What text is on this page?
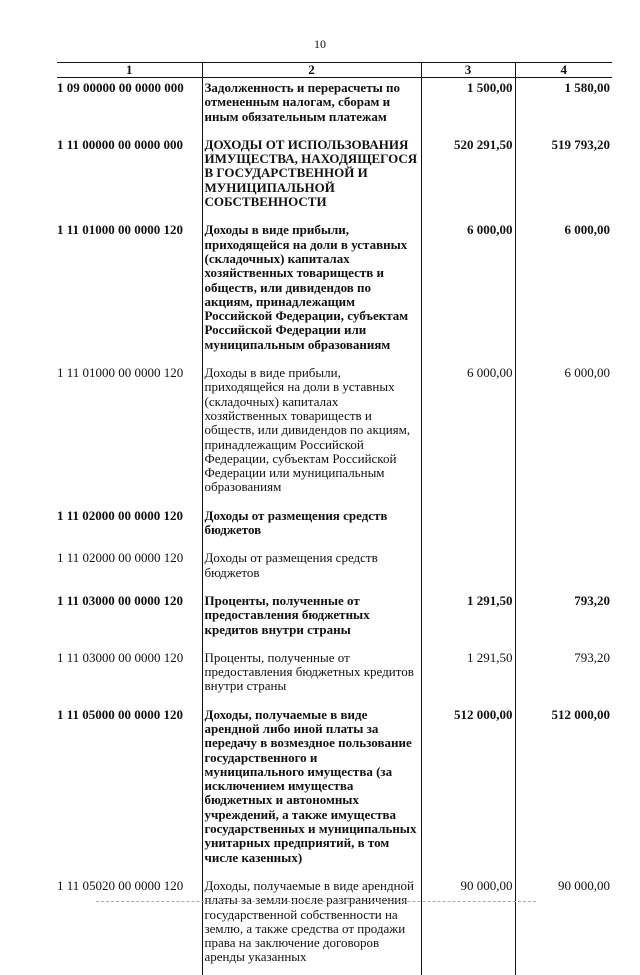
10
1	2	3	4
1 09 00000 00 0000 000	Задолженность и перерасчеты по отмененным налогам, сборам и иным обязательным платежам	1 500,00	1 580,00
1 11 00000 00 0000 000	ДОХОДЫ ОТ ИСПОЛЬЗОВАНИЯ ИМУЩЕСТВА, НАХОДЯЩЕГОСЯ В ГОСУДАРСТВЕННОЙ И МУНИЦИПАЛЬНОЙ СОБСТВЕННОСТИ	520 291,50	519 793,20
1 11 01000 00 0000 120	Доходы в виде прибыли, приходящейся на доли в уставных (складочных) капиталах хозяйственных товариществ и обществ, или дивидендов по акциям, принадлежащим Российской Федерации, субъектам Российской Федерации или муниципальным образованиям	6 000,00	6 000,00
1 11 01000 00 0000 120	Доходы в виде прибыли, приходящейся на доли в уставных (складочных) капиталах хозяйственных товариществ и обществ, или дивидендов по акциям, принадлежащим Российской Федерации, субъектам Российской Федерации или муниципальным образованиям	6 000,00	6 000,00
1 11 02000 00 0000 120	Доходы от размещения средств бюджетов		
1 11 02000 00 0000 120	Доходы от размещения средств бюджетов		
1 11 03000 00 0000 120	Проценты, полученные от предоставления бюджетных кредитов внутри страны	1 291,50	793,20
1 11 03000 00 0000 120	Проценты, полученные от предоставления бюджетных кредитов внутри страны	1 291,50	793,20
1 11 05000 00 0000 120	Доходы, получаемые в виде арендной либо иной платы за передачу в возмездное пользование государственного и муниципального имущества (за исключением имущества бюджетных и автономных учреждений, а также имущества государственных и муниципальных унитарных предприятий, в том числе казенных)	512 000,00	512 000,00
1 11 05020 00 0000 120	Доходы, получаемые в виде арендной платы за земли после разграничения государственной собственности на землю, а также средства от продажи права на заключение договоров аренды указанных	90 000,00	90 000,00
